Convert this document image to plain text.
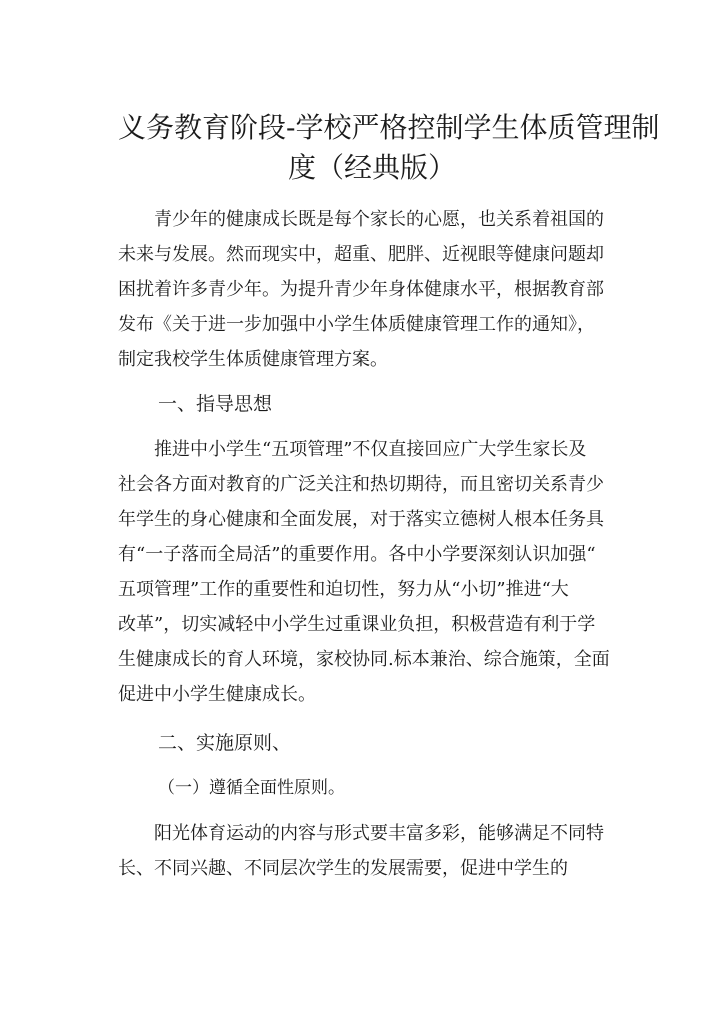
义务教育阶段-学校严格控制学生体质管理制
度（经典版）
青少年的健康成长既是每个家长的心愿，也关系着祖国的
未来与发展。然而现实中，超重、肥胖、近视眼等健康问题却
困扰着许多青少年。为提升青少年身体健康水平，根据教育部
发布《关于进一步加强中小学生体质健康管理工作的通知》，
制定我校学生体质健康管理方案。
一、指导思想
推进中小学生“五项管理”不仅直接回应广大学生家长及
社会各方面对教育的广泛关注和热切期待，而且密切关系青少
年学生的身心健康和全面发展，对于落实立德树人根本任务具
有“一子落而全局活”的重要作用。各中小学要深刻认识加强“
五项管理”工作的重要性和迫切性，努力从“小切”推进“大
改革”，切实减轻中小学生过重课业负担，积极营造有利于学
生健康成长的育人环境，家校协同.标本兼治、综合施策，全面
促进中小学生健康成长。
二、实施原则、
（一）遵循全面性原则。
阳光体育运动的内容与形式要丰富多彩，能够满足不同特
长、不同兴趣、不同层次学生的发展需要，促进中学生的
